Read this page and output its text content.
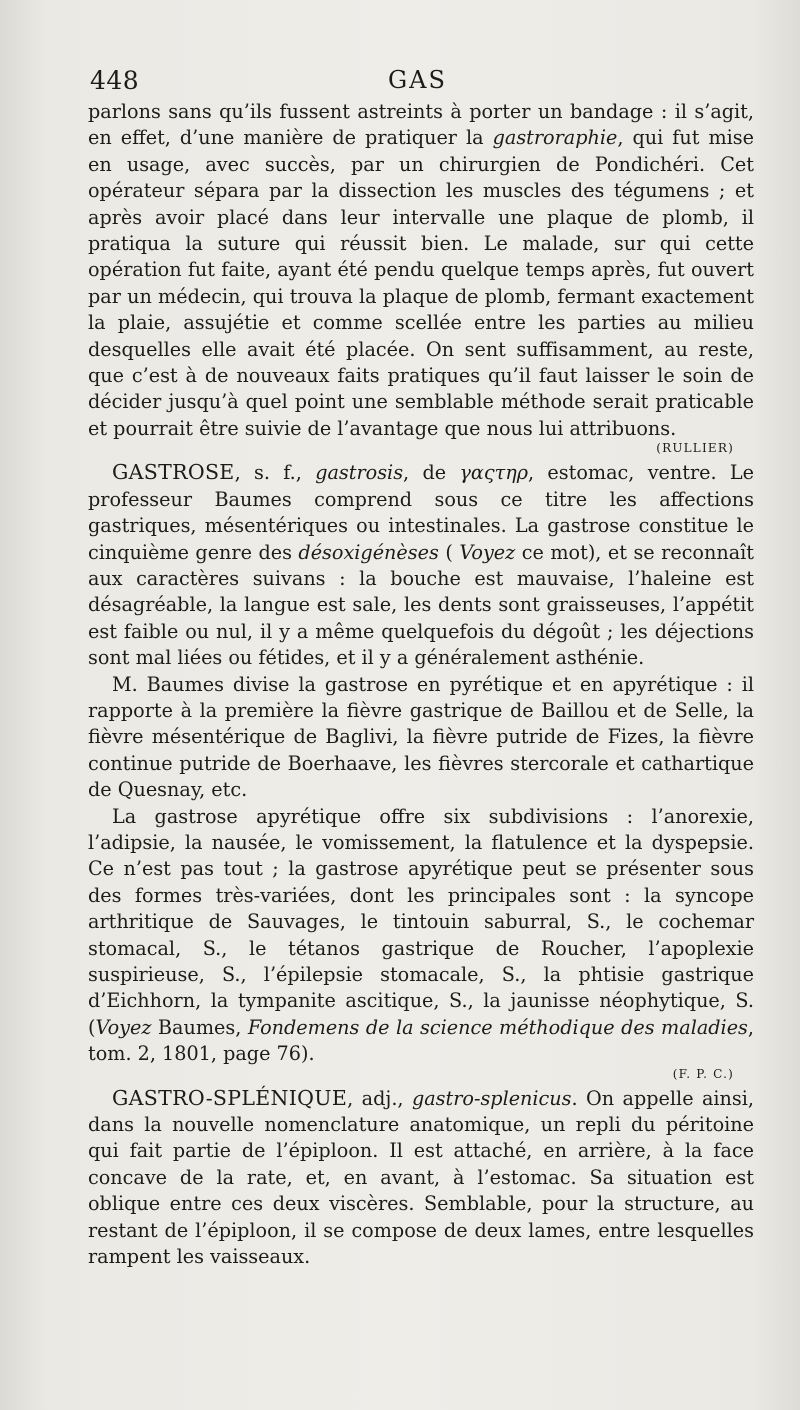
448	GAS

parlons sans qu’ils fussent astreints à porter un bandage : il s’agit, en effet, d’une manière de pratiquer la gastroraphie, qui fut mise en usage, avec succès, par un chirurgien de Pondichéri. Cet opérateur sépara par la dissection les muscles des tégumens ; et après avoir placé dans leur intervalle une plaque de plomb, il pratiqua la suture qui réussit bien. Le malade, sur qui cette opération fut faite, ayant été pendu quelque temps après, fut ouvert par un médecin, qui trouva la plaque de plomb, fermant exactement la plaie, assujétie et comme scellée entre les parties au milieu desquelles elle avait été placée. On sent suffisamment, au reste, que c’est à de nouveaux faits pratiques qu’il faut laisser le soin de décider jusqu’à quel point une semblable méthode serait praticable et pourrait être suivie de l’avantage que nous lui attribuons.

(RULLIER)

GASTROSE, s. f., gastrosis, de γαςτηρ, estomac, ventre. Le professeur Baumes comprend sous ce titre les affections gastriques, mésentériques ou intestinales. La gastrose constitue le cinquième genre des désoxigénèses ( Voyez ce mot), et se reconnaît aux caractères suivans : la bouche est mauvaise, l’haleine est désagréable, la langue est sale, les dents sont graisseuses, l’appétit est faible ou nul, il y a même quelquefois du dégoût ; les déjections sont mal liées ou fétides, et il y a généralement asthénie.

M. Baumes divise la gastrose en pyrétique et en apyrétique : il rapporte à la première la fièvre gastrique de Baillou et de Selle, la fièvre mésentérique de Baglivi, la fièvre putride de Fizes, la fièvre continue putride de Boerhaave, les fièvres stercorale et cathartique de Quesnay, etc.

La gastrose apyrétique offre six subdivisions : l’anorexie, l’adipsie, la nausée, le vomissement, la flatulence et la dyspepsie. Ce n’est pas tout ; la gastrose apyrétique peut se présenter sous des formes très-variées, dont les principales sont : la syncope arthritique de Sauvages, le tintouin saburral, S., le cochemar stomacal, S., le tétanos gastrique de Roucher, l’apoplexie suspirieuse, S., l’épilepsie stomacale, S., la phtisie gastrique d’Eichhorn, la tympanite ascitique, S., la jaunisse néophytique, S. (Voyez Baumes, Fondemens de la science méthodique des maladies, tom. 2, 1801, page 76).

(F. P. C.)

GASTRO-SPLÉNIQUE, adj., gastro-splenicus. On appelle ainsi, dans la nouvelle nomenclature anatomique, un repli du péritoine qui fait partie de l’épiploon. Il est attaché, en arrière, à la face concave de la rate, et, en avant, à l’estomac. Sa situation est oblique entre ces deux viscères. Semblable, pour la structure, au restant de l’épiploon, il se compose de deux lames, entre lesquelles rampent les vaisseaux.
